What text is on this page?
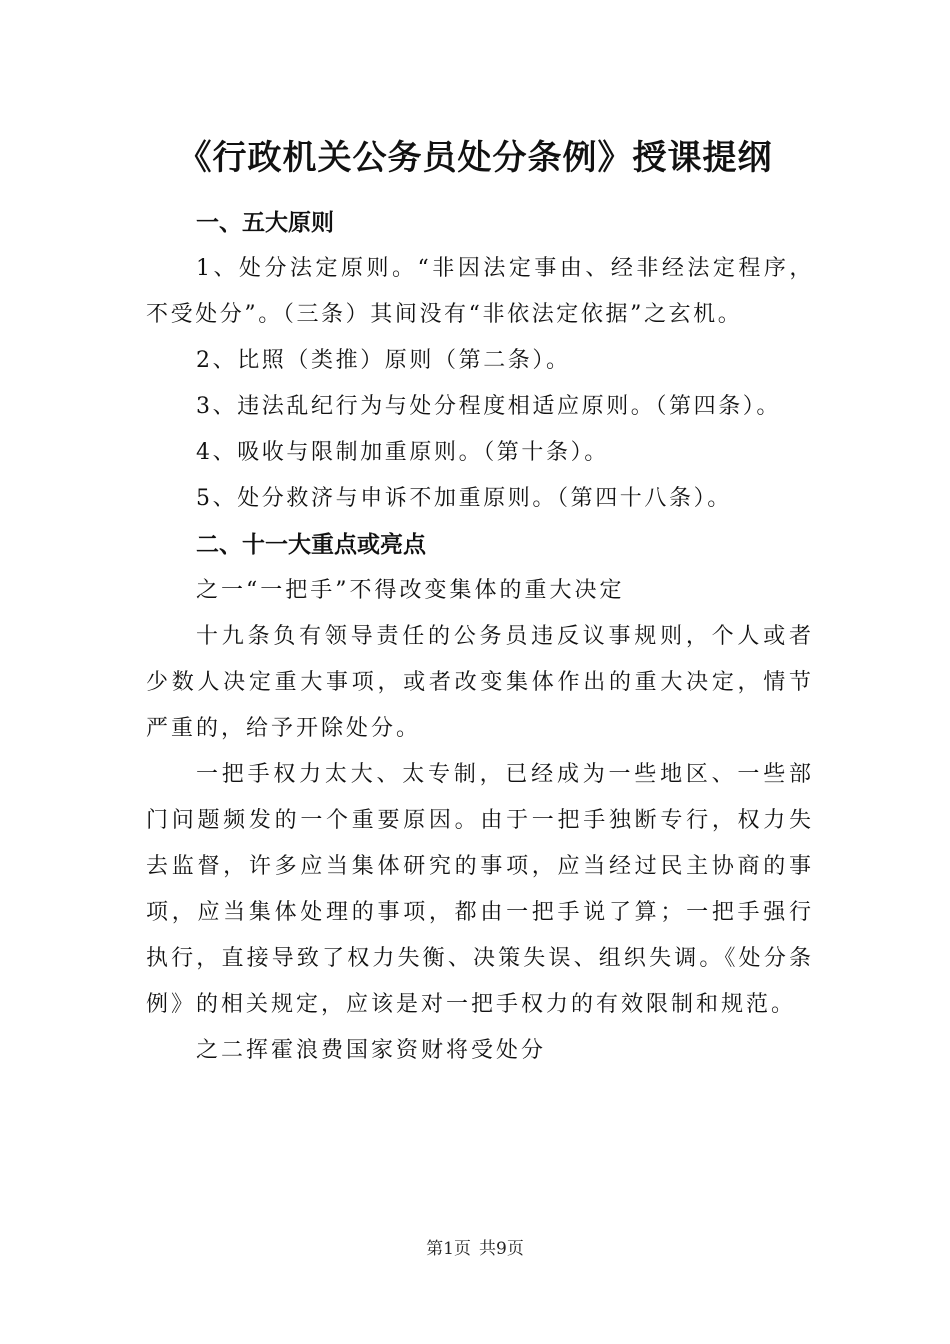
《行政机关公务员处分条例》授课提纲
一、五大原则

1、处分法定原则。“非因法定事由、经非经法定程序，不受处分”。（三条）其间没有“非依法定依据”之玄机。

2、比照（类推）原则（第二条）。

3、违法乱纪行为与处分程度相适应原则。（第四条）。

4、吸收与限制加重原则。（第十条）。

5、处分救济与申诉不加重原则。（第四十八条）。

二、十一大重点或亮点

之一“一把手”不得改变集体的重大决定

十九条负有领导责任的公务员违反议事规则，个人或者少数人决定重大事项，或者改变集体作出的重大决定，情节严重的，给予开除处分。

一把手权力太大、太专制，已经成为一些地区、一些部门问题频发的一个重要原因。由于一把手独断专行，权力失去监督，许多应当集体研究的事项，应当经过民主协商的事项，应当集体处理的事项，都由一把手说了算；一把手强行执行，直接导致了权力失衡、决策失误、组织失调。《处分条例》的相关规定，应该是对一把手权力的有效限制和规范。

之二挥霍浪费国家资财将受处分

第1页 共9页
